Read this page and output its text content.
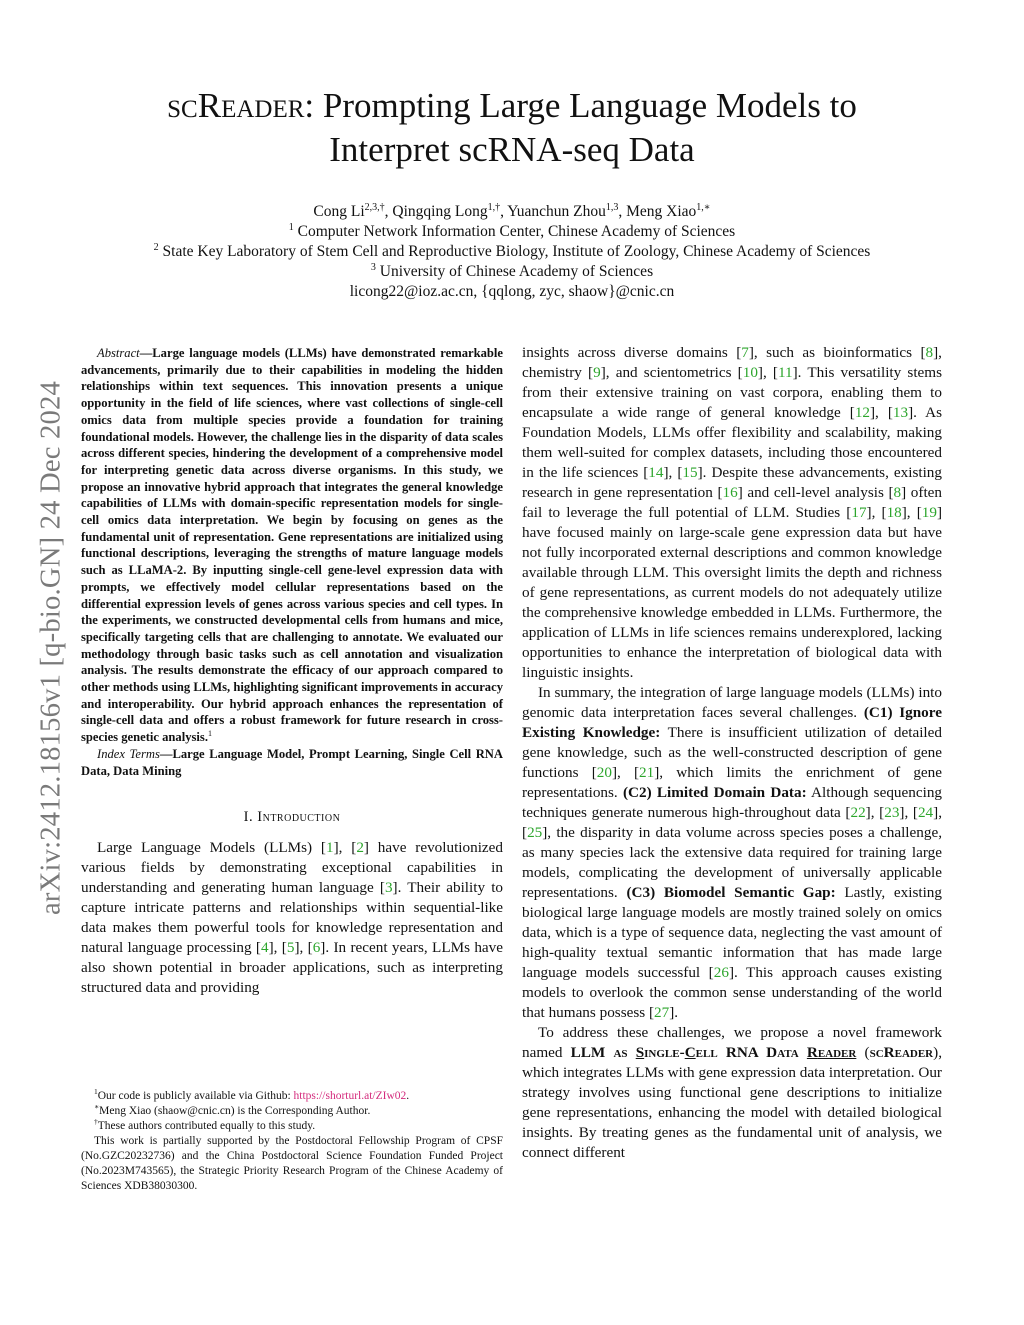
arXiv:2412.18156v1 [q-bio.GN] 24 Dec 2024
scReader: Prompting Large Language Models to
Interpret scRNA-seq Data
Cong $Li^{2,3,\dagger}$, Qingqing Long$^{1,\dagger}$, Yuanchun Zhou$^{1,3}$, Meng Xiao$^{1,∗}$
$^1$ Computer Network Information Center, Chinese Academy of Sciences
$^2$ State Key Laboratory of Stem Cell and Reproductive Biology, Institute of Zoology, Chinese Academy of Sciences
$^3$ University of Chinese Academy of Sciences
licong22@ioz.ac.cn, {qqlong, zyc, shaow}@cnic.cn

Abstract—Large language models (LLMs) have demonstrated remarkable advancements, primarily due to their capabilities in modeling the hidden relationships within text sequences. This innovation presents a unique opportunity in the field of life sciences, where vast collections of single-cell omics data from multiple species provide a foundation for training foundational models. However, the challenge lies in the disparity of data scales across different species, hindering the development of a comprehensive model for interpreting genetic data across diverse organisms. In this study, we propose an innovative hybrid approach that integrates the general knowledge capabilities of LLMs with domain-specific representation models for single-cell omics data interpretation. We begin by focusing on genes as the fundamental unit of representation. Gene representations are initialized using functional descriptions, leveraging the strengths of mature language models such as LLaMA-2. By inputting single-cell gene-level expression data with prompts, we effectively model cellular representations based on the differential expression levels of genes across various species and cell types. In the experiments, we constructed developmental cells from humans and mice, specifically targeting cells that are challenging to annotate. We evaluated our methodology through basic tasks such as cell annotation and visualization analysis. The results demonstrate the efficacy of our approach compared to other methods using LLMs, highlighting significant improvements in accuracy and interoperability. Our hybrid approach enhances the representation of single-cell data and offers a robust framework for future research in cross-species genetic analysis.$^1$

Index Terms—Large Language Model, Prompt Learning, Single Cell RNA Data, Data Mining

I. Introduction

Large Language Models (LLMs) [1], [2] have revolutionized various fields by demonstrating exceptional capabilities in understanding and generating human language [3]. Their ability to capture intricate patterns and relationships within sequential-like data makes them powerful tools for knowledge representation and natural language processing [4], [5], [6]. In recent years, LLMs have also shown potential in broader applications, such as interpreting structured data and providing

$^1$Our code is publicly available via Github: https://shorturl.at/ZIw02.

∗Meng Xiao (shaow@cnic.cn) is the Corresponding Author.

†These authors contributed equally to this study.

This work is partially supported by the Postdoctoral Fellowship Program of CPSF (No.GZC20232736) and the China Postdoctoral Science Foundation Funded Project (No.2023M743565), the Strategic Priority Research Program of the Chinese Academy of Sciences XDB38030300.

insights across diverse domains [7], such as bioinformatics [8], chemistry [9], and scientometrics [10], [11]. This versatility stems from their extensive training on vast corpora, enabling them to encapsulate a wide range of general knowledge [12], [13]. As Foundation Models, LLMs offer flexibility and scalability, making them well-suited for complex datasets, including those encountered in the life sciences [14], [15]. Despite these advancements, existing research in gene representation [16] and cell-level analysis [8] often fail to leverage the full potential of LLM. Studies [17], [18], [19] have focused mainly on large-scale gene expression data but have not fully incorporated external descriptions and common knowledge available through LLM. This oversight limits the depth and richness of gene representations, as current models do not adequately utilize the comprehensive knowledge embedded in LLMs. Furthermore, the application of LLMs in life sciences remains underexplored, lacking opportunities to enhance the interpretation of biological data with linguistic insights.

In summary, the integration of large language models (LLMs) into genomic data interpretation faces several challenges. (C1) Ignore Existing Knowledge: There is insufficient utilization of detailed gene knowledge, such as the well-constructed description of gene functions [20], [21], which limits the enrichment of gene representations. (C2) Limited Domain Data: Although sequencing techniques generate numerous high-throughout data [22], [23], [24], [25], the disparity in data volume across species poses a challenge, as many species lack the extensive data required for training large models, complicating the development of universally applicable representations. (C3) Biomodel Semantic Gap: Lastly, existing biological large language models are mostly trained solely on omics data, which is a type of sequence data, neglecting the vast amount of high-quality textual semantic information that has made large language models successful [26]. This approach causes existing models to overlook the common sense understanding of the world that humans possess [27].

To address these challenges, we propose a novel framework named LLM as Single-Cell RNA Data Reader (scReader), which integrates LLMs with gene expression data interpretation. Our strategy involves using functional gene descriptions to initialize gene representations, enhancing the model with detailed biological insights. By treating genes as the fundamental unit of analysis, we connect different
